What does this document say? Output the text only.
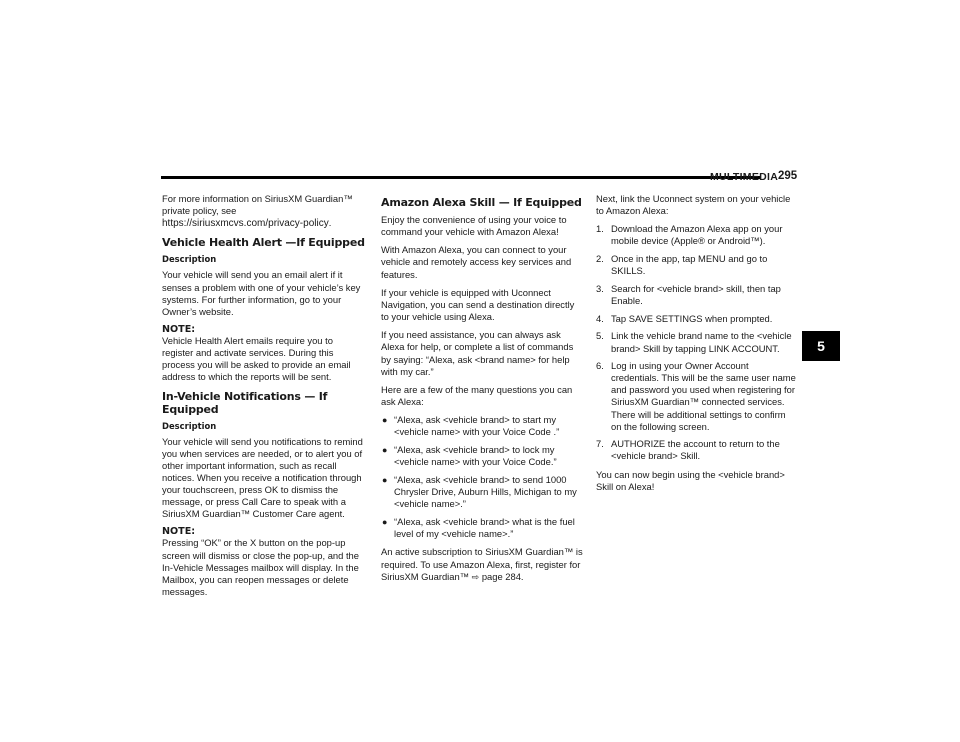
MULTIMEDIA 295
5

For more information on SiriusXM Guardian™ private policy, see https://siriusxmcvs.com/privacy-policy.

Vehicle Health Alert —If Equipped
Description

Your vehicle will send you an email alert if it senses a problem with one of your vehicle’s key systems. For further information, go to your Owner’s website.

NOTE:

Vehicle Health Alert emails require you to register and activate services. During this process you will be asked to provide an email address to which the reports will be sent.

In-Vehicle Notifications — If Equipped
Description

Your vehicle will send you notifications to remind you when services are needed, or to alert you of other important information, such as recall notices. When you receive a notification through your touchscreen, press OK to dismiss the message, or press Call Care to speak with a SiriusXM Guardian™ Customer Care agent.

NOTE:

Pressing “OK” or the X button on the pop-up screen will dismiss or close the pop-up, and the In-Vehicle Messages mailbox will display. In the Mailbox, you can reopen messages or delete messages.

Amazon Alexa Skill — If Equipped

Enjoy the convenience of using your voice to command your vehicle with Amazon Alexa!

With Amazon Alexa, you can connect to your vehicle and remotely access key services and features.

If your vehicle is equipped with Uconnect Navigation, you can send a destination directly to your vehicle using Alexa.

If you need assistance, you can always ask Alexa for help, or complete a list of commands by saying: “Alexa, ask <brand name> for help with my car.”

Here are a few of the many questions you can ask Alexa:

● “Alexa, ask <vehicle brand> to start my <vehicle name> with your Voice Code .”
● “Alexa, ask <vehicle brand> to lock my <vehicle name> with your Voice Code.”
● “Alexa, ask <vehicle brand> to send 1000 Chrysler Drive, Auburn Hills, Michigan to my <vehicle name>.”
● “Alexa, ask <vehicle brand> what is the fuel level of my <vehicle name>.”

An active subscription to SiriusXM Guardian™ is required. To use Amazon Alexa, first, register for SiriusXM Guardian™ ⇨ page 284.

Next, link the Uconnect system on your vehicle to Amazon Alexa:

1. Download the Amazon Alexa app on your mobile device (Apple® or Android™).
2. Once in the app, tap MENU and go to SKILLS.
3. Search for <vehicle brand> skill, then tap Enable.
4. Tap SAVE SETTINGS when prompted.
5. Link the vehicle brand name to the <vehicle brand> Skill by tapping LINK ACCOUNT.
6. Log in using your Owner Account credentials. This will be the same user name and password you used when registering for SiriusXM Guardian™ connected services. There will be additional settings to confirm on the following screen.
7. AUTHORIZE the account to return to the <vehicle brand> Skill.

You can now begin using the <vehicle brand> Skill on Alexa!
